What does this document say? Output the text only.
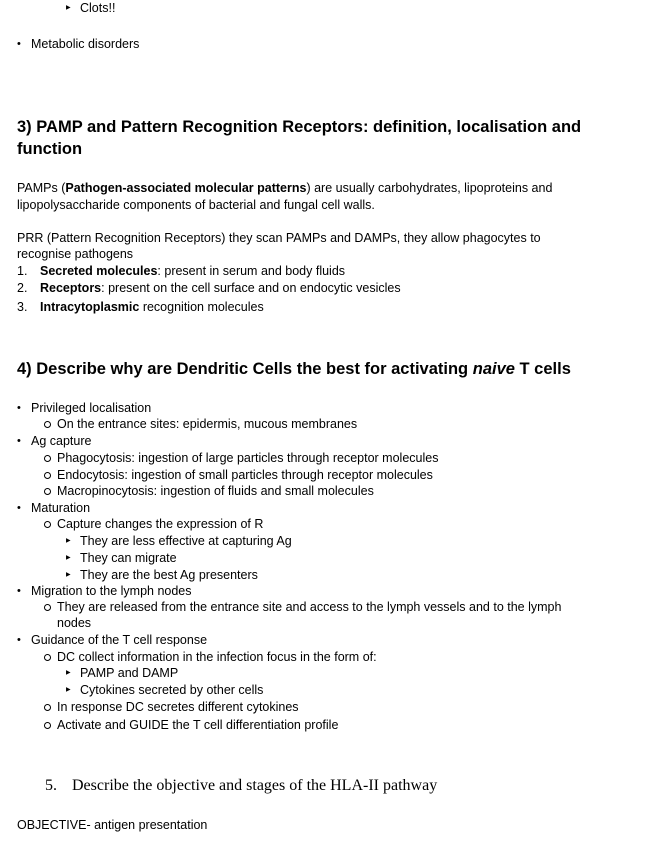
▶ Clots!!
• Metabolic disorders
3) PAMP and Pattern Recognition Receptors: definition, localisation and
function
PAMPs (Pathogen-associated molecular patterns) are usually carbohydrates, lipoproteins and
lipopolysaccharide components of bacterial and fungal cell walls.
PRR (Pattern Recognition Receptors) they scan PAMPs and DAMPs, they allow phagocytes to
recognise pathogens
1. Secreted molecules: present in serum and body fluids
2. Receptors: present on the cell surface and on endocytic vesicles
3. Intracytoplasmic recognition molecules
4) Describe why are Dendritic Cells the best for activating naive T cells
• Privileged localisation
On the entrance sites: epidermis, mucous membranes
• Ag capture
Phagocytosis: ingestion of large particles through receptor molecules
Endocytosis: ingestion of small particles through receptor molecules
Macropinocytosis: ingestion of fluids and small molecules
• Maturation
Capture changes the expression of R
▶ They are less effective at capturing Ag
▶ They can migrate
▶ They are the best Ag presenters
• Migration to the lymph nodes
They are released from the entrance site and access to the lymph vessels and to the lymph
nodes
• Guidance of the T cell response
DC collect information in the infection focus in the form of:
▶ PAMP and DAMP
▶ Cytokines secreted by other cells
In response DC secretes different cytokines
Activate and GUIDE the T cell differentiation profile
5. Describe the objective and stages of the HLA-II pathway
OBJECTIVE- antigen presentation
